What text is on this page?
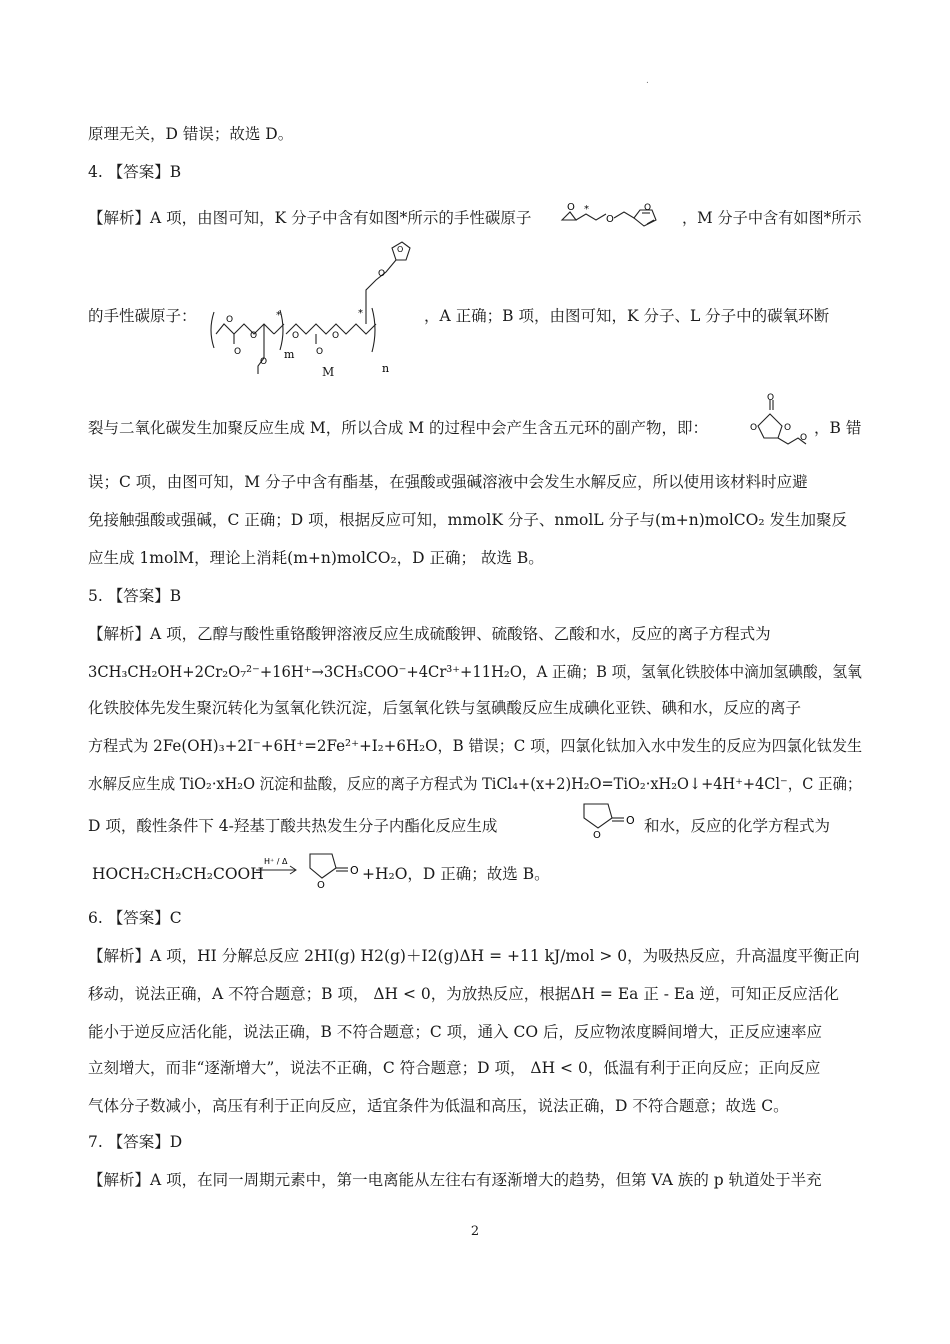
.
原理无关，D 错误；故选 D。
4. 【答案】B
【解析】A 项，由图可知，K 分子中含有如图*所示的手性碳原子
O
O
O
*	，M 分子中含有如图*所示
的手性碳原子：	O
O
O	O
O
O
O
O
O
*	*
m
n
M
，A 正确；B 项，由图可知，K 分子、L 分子中的碳氧环断
裂与二氧化碳发生加聚反应生成 M，所以合成 M 的过程中会产生含五元环的副产物，即：
O
O	O
O
，B 错
误；C 项，由图可知，M 分子中含有酯基，在强酸或强碱溶液中会发生水解反应，所以使用该材料时应避
免接触强酸或强碱，C 正确；D 项，根据反应可知，mmolK 分子、nmolL 分子与(m+n)molCO₂ 发生加聚反
应生成 1molM，理论上消耗(m+n)molCO₂，D 正确； 故选 B。
5. 【答案】B
【解析】A 项，乙醇与酸性重铬酸钾溶液反应生成硫酸钾、硫酸铬、乙酸和水，反应的离子方程式为
3CH₃CH₂OH+2Cr₂O₇²⁻+16H⁺→3CH₃COO⁻+4Cr³⁺+11H₂O，A 正确；B 项，氢氧化铁胶体中滴加氢碘酸，氢氧
化铁胶体先发生聚沉转化为氢氧化铁沉淀，后氢氧化铁与氢碘酸反应生成碘化亚铁、碘和水，反应的离子
方程式为 2Fe(OH)₃+2I⁻+6H⁺=2Fe²⁺+I₂+6H₂O，B 错误；C 项，四氯化钛加入水中发生的反应为四氯化钛发生
水解反应生成 TiO₂·xH₂O 沉淀和盐酸，反应的离子方程式为 TiCl₄+(x+2)H₂O=TiO₂·xH₂O↓+4H⁺+4Cl⁻，C 正确；
D 项，酸性条件下 4-羟基丁酸共热发生分子内酯化反应生成
O
O 和水，反应的化学方程式为
HOCH₂CH₂CH₂COOH
H⁺ / Δ
O
O +H₂O，D 正确；故选 B。
6. 【答案】C
【解析】A 项，HI 分解总反应 2HI(g) H2(g)＋I2(g)ΔH = +11 kJ/mol > 0，为吸热反应，升高温度平衡正向
移动，说法正确，A 不符合题意；B 项， ΔH < 0，为放热反应，根据ΔH = Ea 正 - Ea 逆，可知正反应活化
能小于逆反应活化能，说法正确，B 不符合题意；C 项，通入 CO 后，反应物浓度瞬间增大，正反应速率应
立刻增大，而非“逐渐增大”，说法不正确，C 符合题意；D 项， ΔH < 0，低温有利于正向反应；正向反应
气体分子数减小，高压有利于正向反应，适宜条件为低温和高压，说法正确，D 不符合题意；故选 C。
7. 【答案】D
【解析】A 项，在同一周期元素中，第一电离能从左往右有逐渐增大的趋势，但第 VA 族的 p 轨道处于半充
2
